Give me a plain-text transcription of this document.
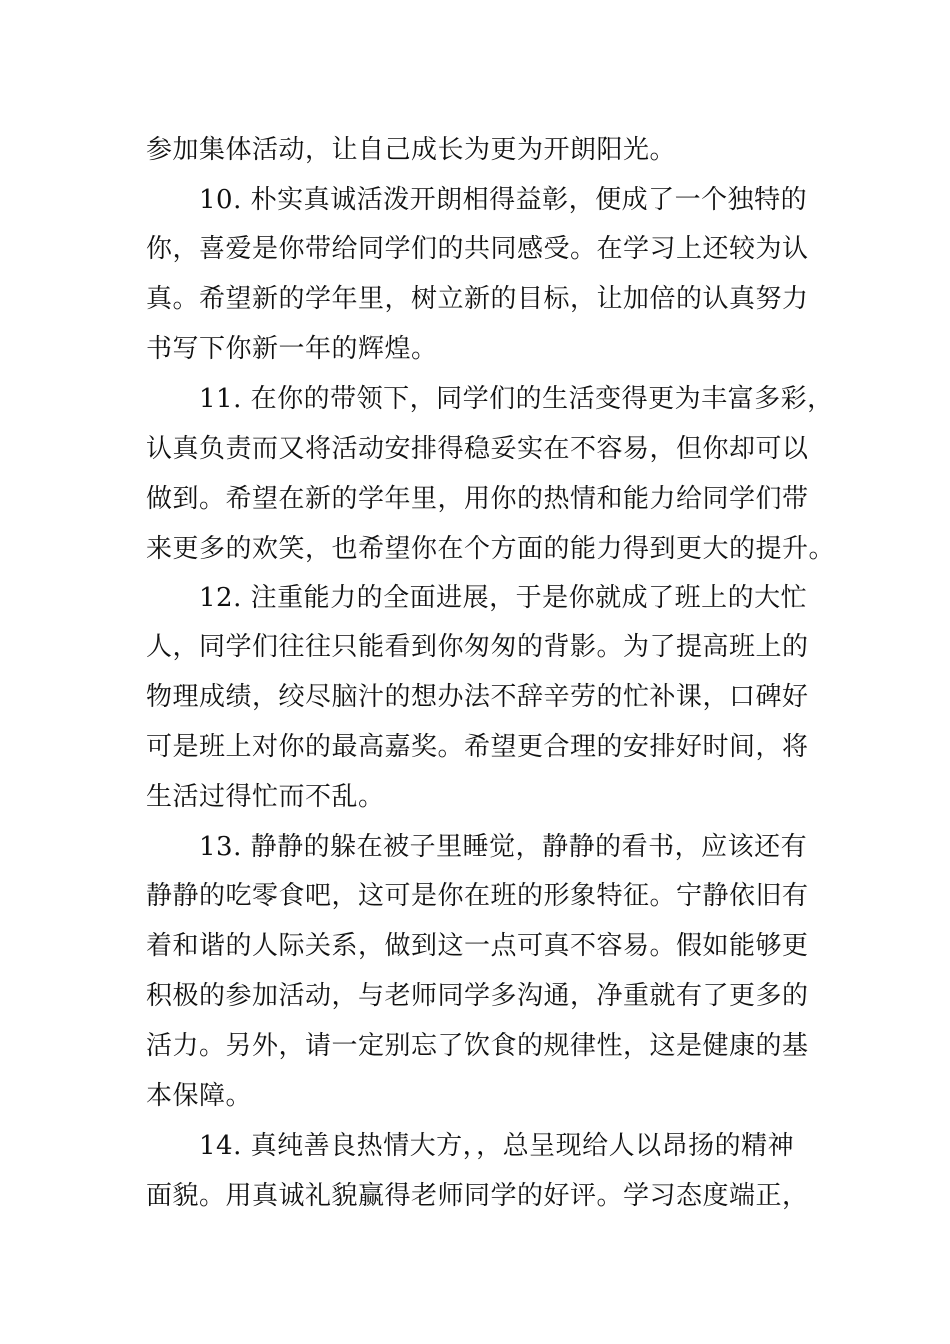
参加集体活动，让自己成长为更为开朗阳光。
10. 朴实真诚活泼开朗相得益彰，便成了一个独特的
你，喜爱是你带给同学们的共同感受。在学习上还较为认
真。希望新的学年里，树立新的目标，让加倍的认真努力
书写下你新一年的辉煌。
11. 在你的带领下，同学们的生活变得更为丰富多彩，
认真负责而又将活动安排得稳妥实在不容易，但你却可以
做到。希望在新的学年里，用你的热情和能力给同学们带
来更多的欢笑，也希望你在个方面的能力得到更大的提升。
12. 注重能力的全面进展，于是你就成了班上的大忙
人，同学们往往只能看到你匆匆的背影。为了提高班上的
物理成绩，绞尽脑汁的想办法不辞辛劳的忙补课，口碑好
可是班上对你的最高嘉奖。希望更合理的安排好时间，将
生活过得忙而不乱。
13. 静静的躲在被子里睡觉，静静的看书，应该还有
静静的吃零食吧，这可是你在班的形象特征。宁静依旧有
着和谐的人际关系，做到这一点可真不容易。假如能够更
积极的参加活动，与老师同学多沟通，净重就有了更多的
活力。另外，请一定别忘了饮食的规律性，这是健康的基
本保障。
14. 真纯善良热情大方，，总呈现给人以昂扬的精神
面貌。用真诚礼貌赢得老师同学的好评。学习态度端正，
